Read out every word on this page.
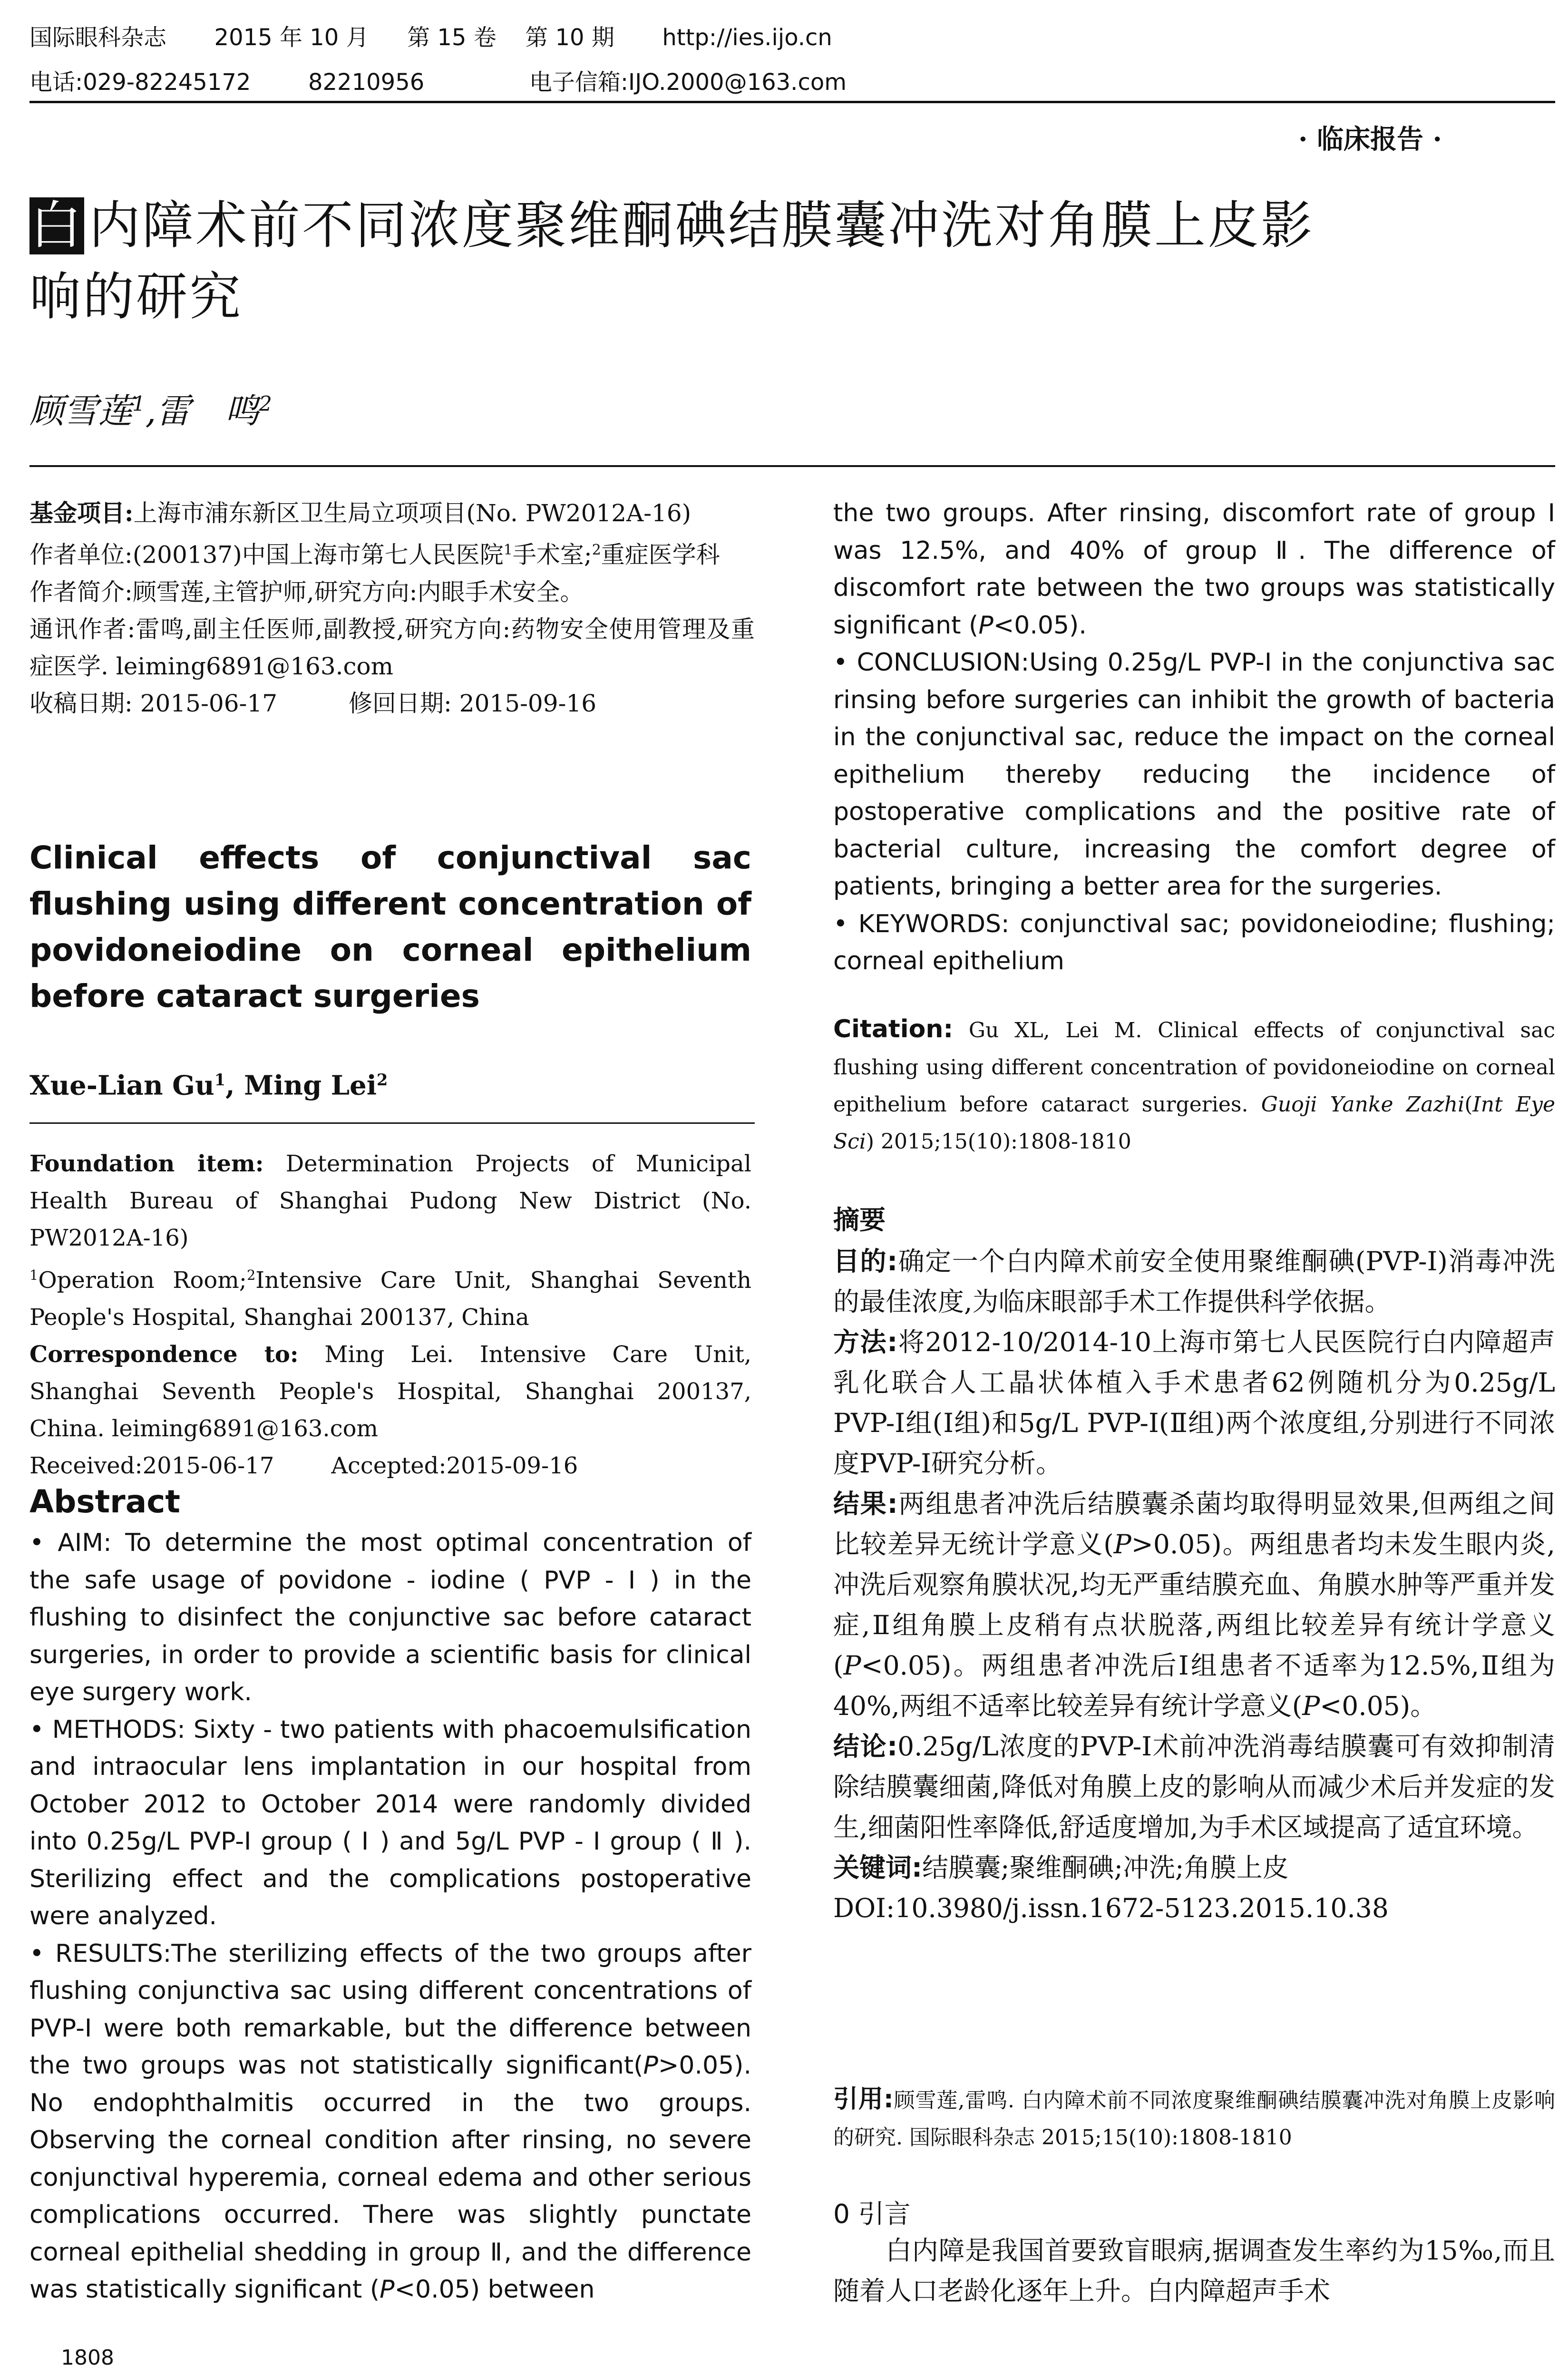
国际眼科杂志 2015 年 10 月 第 15 卷 第 10 期 http://ies.ijo.cn
电话:029-82245172	82210956	电子信箱:IJO.2000@163.com
· 临床报告 ·
白 内障术前不同浓度聚维酮碘结膜囊冲洗对角膜上皮影
响的研究
顾雪莲$^1$,雷　鸣$^2$
基金项目:上海市浦东新区卫生局立项项目(No. PW2012A-16)
作者单位:(200137)中国上海市第七人民医院$^1$手术室;$^2$重症医学科
作者简介:顾雪莲,主管护师,研究方向:内眼手术安全。
通讯作者:雷鸣,副主任医师,副教授,研究方向:药物安全使用管理及重症医学. leiming6891@163.com
收稿日期: 2015-06-17	修回日期: 2015-09-16
Clinical effects of conjunctival sac flushing using different concentration of povidoneiodine on corneal epithelium before cataract surgeries
Xue-Lian Gu$^1$, Ming Lei$^2$
Foundation item: Determination Projects of Municipal Health Bureau of Shanghai Pudong New District (No. PW2012A-16)
$^1$Operation Room;$^2$Intensive Care Unit, Shanghai Seventh People's Hospital, Shanghai 200137, China
Correspondence to: Ming Lei. Intensive Care Unit, Shanghai Seventh People's Hospital, Shanghai 200137, China. leiming6891@163.com
Received:2015-06-17	Accepted:2015-09-16
Abstract

• AIM: To determine the most optimal concentration of the safe usage of povidone - iodine ( PVP - I ) in the flushing to disinfect the conjunctive sac before cataract surgeries, in order to provide a scientific basis for clinical eye surgery work.

• METHODS: Sixty - two patients with phacoemulsification and intraocular lens implantation in our hospital from October 2012 to October 2014 were randomly divided into 0.25g/L PVP-I group ( Ⅰ ) and 5g/L PVP - I group ( Ⅱ ). Sterilizing effect and the complications postoperative were analyzed.

• RESULTS:The sterilizing effects of the two groups after flushing conjunctiva sac using different concentrations of PVP-I were both remarkable, but the difference between the two groups was not statistically significant(P>0.05). No endophthalmitis occurred in the two groups. Observing the corneal condition after rinsing, no severe conjunctival hyperemia, corneal edema and other serious complications occurred. There was slightly punctate corneal epithelial shedding in group Ⅱ, and the difference was statistically significant (P<0.05) between

1808

the two groups. After rinsing, discomfort rate of group Ⅰ was 12.5%, and 40% of group Ⅱ. The difference of discomfort rate between the two groups was statistically significant (P<0.05).

• CONCLUSION:Using 0.25g/L PVP-I in the conjunctiva sac rinsing before surgeries can inhibit the growth of bacteria in the conjunctival sac, reduce the impact on the corneal epithelium thereby reducing the incidence of postoperative complications and the positive rate of bacterial culture, increasing the comfort degree of patients, bringing a better area for the surgeries.

• KEYWORDS: conjunctival sac; povidoneiodine; flushing; corneal epithelium

Citation: Gu XL, Lei M. Clinical effects of conjunctival sac flushing using different concentration of povidoneiodine on corneal epithelium before cataract surgeries. Guoji Yanke Zazhi(Int Eye Sci) 2015;15(10):1808-1810
摘要

目的:确定一个白内障术前安全使用聚维酮碘(PVP-I)消毒冲洗的最佳浓度,为临床眼部手术工作提供科学依据。

方法:将2012-10/2014-10上海市第七人民医院行白内障超声乳化联合人工晶状体植入手术患者62例随机分为0.25g/L PVP-I组(Ⅰ组)和5g/L PVP-I(Ⅱ组)两个浓度组,分别进行不同浓度PVP-I研究分析。

结果:两组患者冲洗后结膜囊杀菌均取得明显效果,但两组之间比较差异无统计学意义(P>0.05)。两组患者均未发生眼内炎,冲洗后观察角膜状况,均无严重结膜充血、角膜水肿等严重并发症,Ⅱ组角膜上皮稍有点状脱落,两组比较差异有统计学意义(P<0.05)。两组患者冲洗后Ⅰ组患者不适率为12.5%,Ⅱ组为40%,两组不适率比较差异有统计学意义(P<0.05)。

结论:0.25g/L浓度的PVP-I术前冲洗消毒结膜囊可有效抑制清除结膜囊细菌,降低对角膜上皮的影响从而减少术后并发症的发生,细菌阳性率降低,舒适度增加,为手术区域提高了适宜环境。

关键词:结膜囊;聚维酮碘;冲洗;角膜上皮

DOI:10.3980/j.issn.1672-5123.2015.10.38

引用:顾雪莲,雷鸣. 白内障术前不同浓度聚维酮碘结膜囊冲洗对角膜上皮影响的研究. 国际眼科杂志 2015;15(10):1808-1810
0 引言
白内障是我国首要致盲眼病,据调查发生率约为15‰,而且随着人口老龄化逐年上升。白内障超声手术
